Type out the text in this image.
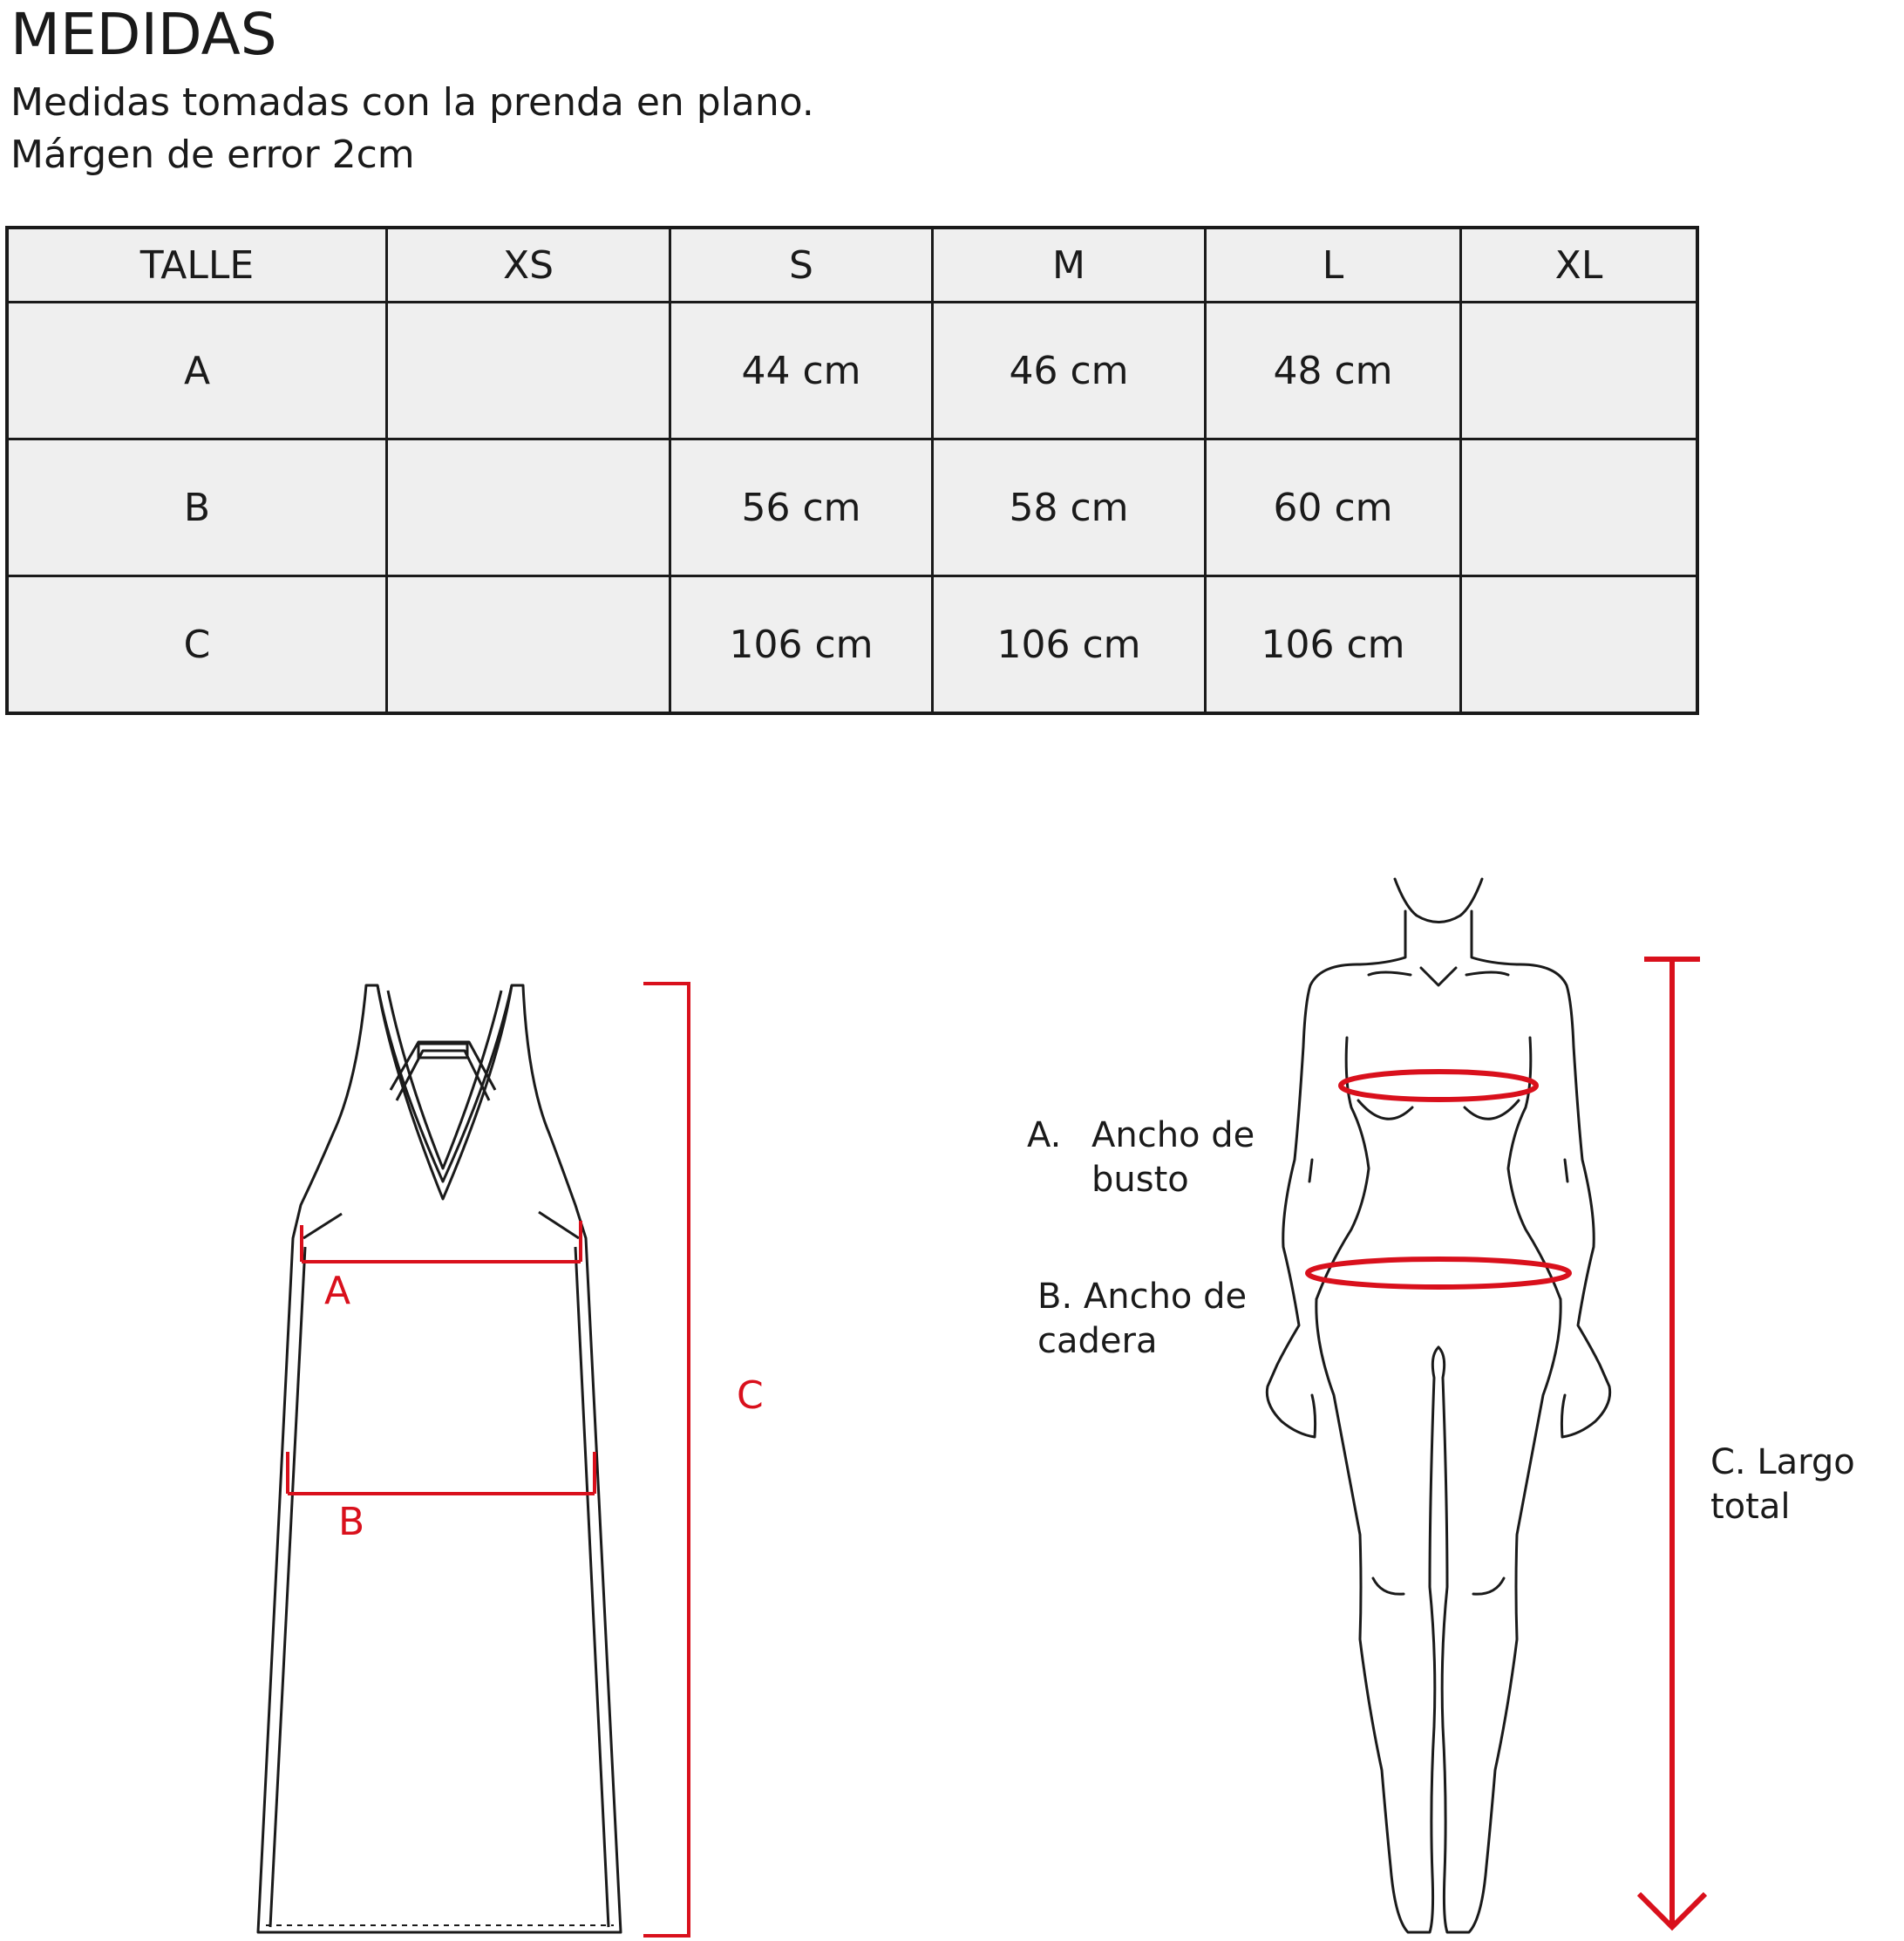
MEDIDAS
Medidas tomadas con la prenda en plano.
Márgen de error 2cm
TALLE	XS	S	M	L	XL
A		44 cm	46 cm	48 cm	
B		56 cm	58 cm	60 cm	
C		106 cm	106 cm	106 cm	
A
B
C
A. Ancho de
busto
B. Ancho de
cadera
C. Largo
total
